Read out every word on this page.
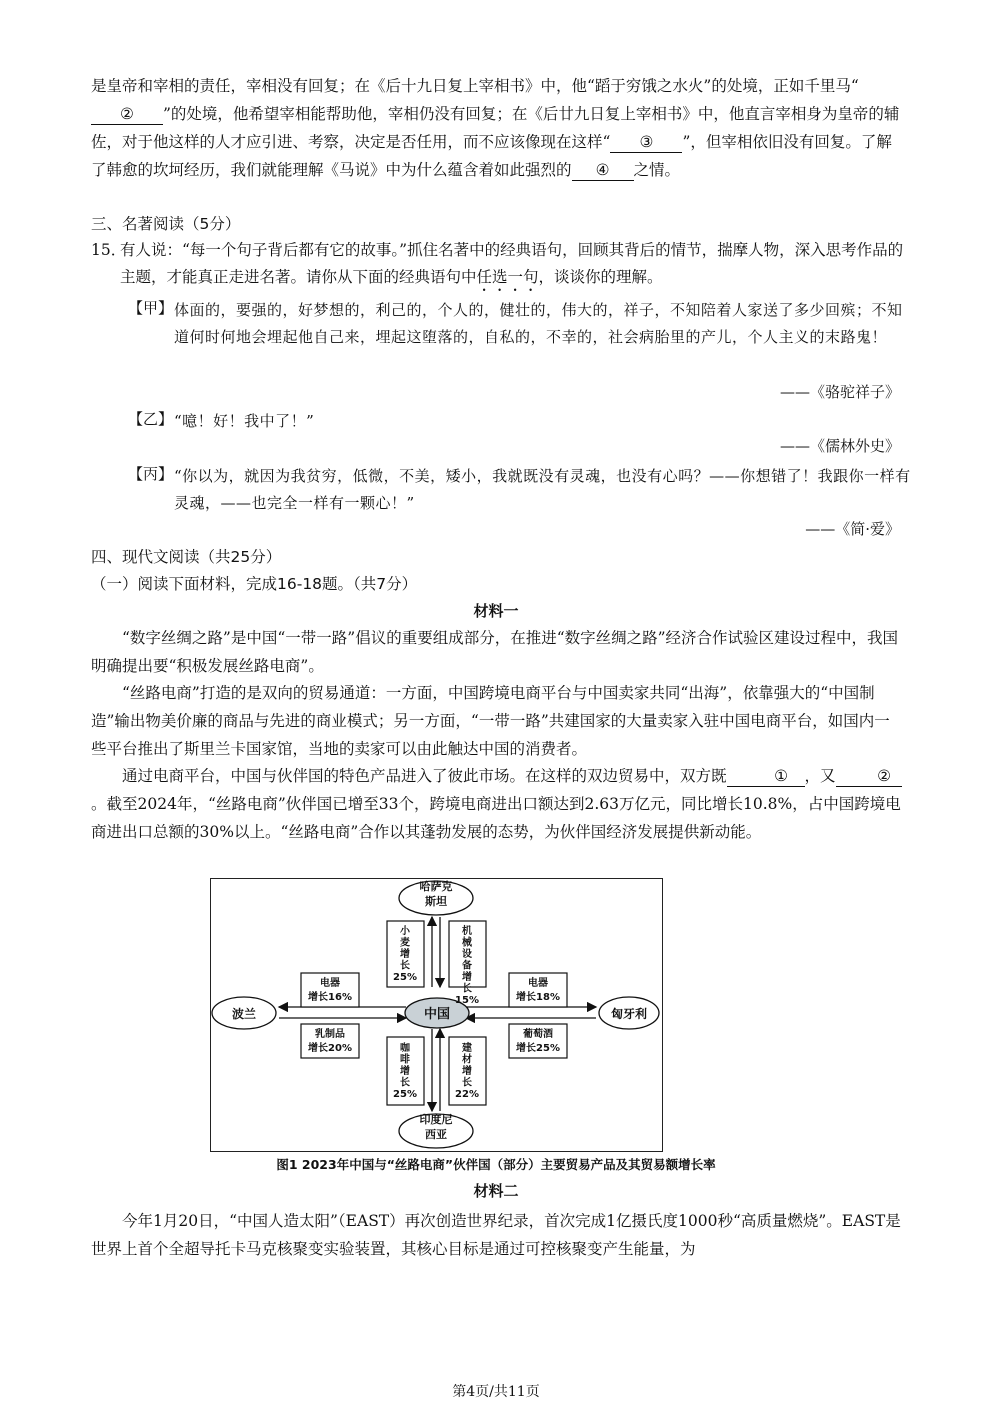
是皇帝和宰相的责任，宰相没有回复；在《后十九日复上宰相书》中，他“蹈于穷饿之水火”的处境，正如千里马“② ”的处境，他希望宰相能帮助他，宰相仍没有回复；在《后廿九日复上宰相书》中，他直言宰相身为皇帝的辅佐，对于他这样的人才应引进、考察，决定是否任用，而不应该像现在这样“ ③ ”，但宰相依旧没有回复。了解了韩愈的坎坷经历，我们就能理解《马说》中为什么蕴含着如此强烈的 ④ 之情。

三、名著阅读（5分）
15．

有人说：“每一个句子背后都有它的故事。”抓住名著中的经典语句，回顾其背后的情节，揣摩人物，深入思考作品的主题，才能真正走进名著。请你从下面的经典语句中任选一句，谈谈你的理解。

【甲】 体面的，要强的，好梦想的，利己的，个人的，健壮的，伟大的，祥子，不知陪着人家送了多少回殡；不知道何时何地会埋起他自己来，埋起这堕落的，自私的，不幸的，社会病胎里的产儿，个人主义的末路鬼！

——《骆驼祥子》
【乙】 “噫！好！我中了！”

——《儒林外史》
【丙】 “你以为，就因为我贫穷，低微，不美，矮小，我就既没有灵魂，也没有心吗？——你想错了！我跟你一样有灵魂，——也完全一样有一颗心！”

——《简·爱》
四、现代文阅读（共25分）
（一）阅读下面材料，完成16-18题。（共7分）
材料一

“数字丝绸之路”是中国“一带一路”倡议的重要组成部分，在推进“数字丝绸之路”经济合作试验区建设过程中，我国明确提出要“积极发展丝路电商”。

“丝路电商”打造的是双向的贸易通道：一方面，中国跨境电商平台与中国卖家共同“出海”，依靠强大的“中国制造”输出物美价廉的商品与先进的商业模式；另一方面，“一带一路”共建国家的大量卖家入驻中国电商平台，如国内一些平台推出了斯里兰卡国家馆，当地的卖家可以由此触达中国的消费者。

通过电商平台，中国与伙伴国的特色产品进入了彼此市场。在这样的双边贸易中，双方既	① ，又	②。截至2024年，“丝路电商”伙伴国已增至33个，跨境电商进出口额达到2.63万亿元，同比增长10.8%，占中国跨境电商进出口总额的30%以上。“丝路电商”合作以其蓬勃发展的态势，为伙伴国经济发展提供新动能。

哈萨克斯坦
印度尼西亚
波兰	匈牙利
中国
小麦增长 25%
机械设备增长 15%
电器增长16%
乳制品增长20%
电器增长18%
葡萄酒增长25%
咖啡增长 25%
建材增长 22%
图1 2023年中国与“丝路电商”伙伴国（部分）主要贸易产品及其贸易额增长率
材料二

今年1月20日，“中国人造太阳”（EAST）再次创造世界纪录，首次完成1亿摄氏度1000秒“高质量燃烧”。EAST是世界上首个全超导托卡马克核聚变实验装置，其核心目标是通过可控核聚变产生能量，为

第4页/共11页
